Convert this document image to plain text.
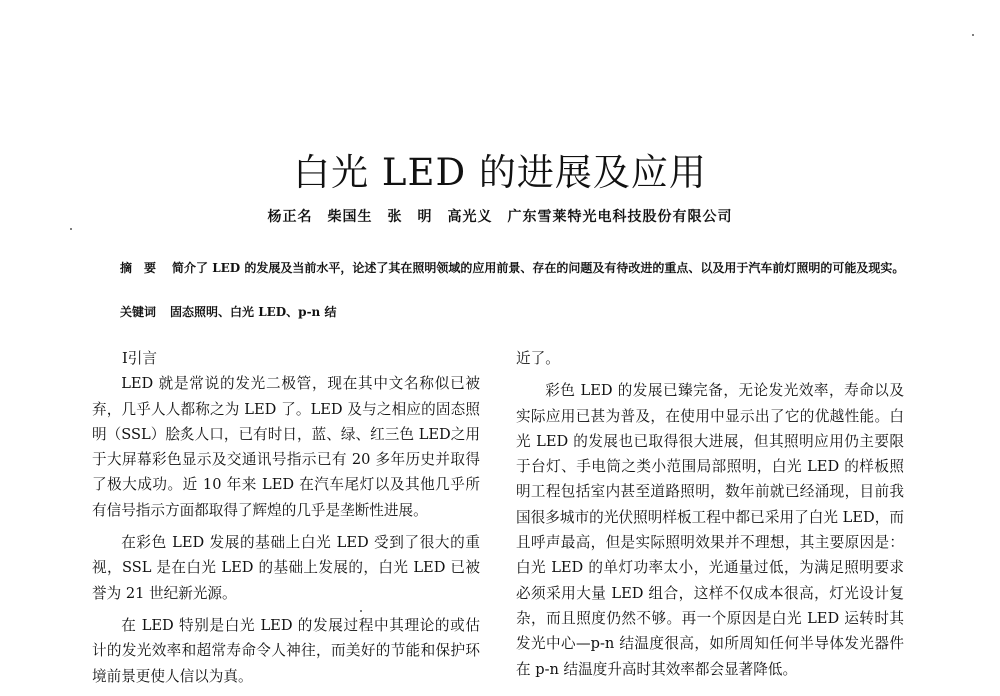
白光 LED 的进展及应用
杨正名　柴国生　张　明　高光义　广东雪莱特光电科技股份有限公司
摘　要 简介了 LED 的发展及当前水平，论述了其在照明领域的应用前景、存在的问题及有待改进的重点、以及用于汽车前灯照明的可能及现实。
关键词 固态照明、白光 LED、p-n 结
Ⅰ引言
LED 就是常说的发光二极管，现在其中文名称似已被弃，几乎人人都称之为 LED 了。LED 及与之相应的固态照明（SSL）脍炙人口，已有时日，蓝、绿、红三色 LED之用于大屏幕彩色显示及交通讯号指示已有 20 多年历史并取得了极大成功。近 10 年来 LED 在汽车尾灯以及其他几乎所有信号指示方面都取得了辉煌的几乎是垄断性进展。
在彩色 LED 发展的基础上白光 LED 受到了很大的重视，SSL 是在白光 LED 的基础上发展的，白光 LED 已被誉为 21 世纪新光源。
在 LED 特别是白光 LED 的发展过程中其理论的或估计的发光效率和超常寿命令人神往，而美好的节能和保护环境前景更使人信以为真。
近了。
彩色 LED 的发展已臻完备，无论发光效率，寿命以及实际应用已甚为普及，在使用中显示出了它的优越性能。白光 LED 的发展也已取得很大进展，但其照明应用仍主要限于台灯、手电筒之类小范围局部照明，白光 LED 的样板照明工程包括室内甚至道路照明，数年前就已经涌现，目前我国很多城市的光伏照明样板工程中都已采用了白光 LED，而且呼声最高，但是实际照明效果并不理想，其主要原因是：白光 LED 的单灯功率太小，光通量过低，为满足照明要求必须采用大量 LED 组合，这样不仅成本很高，灯光设计复杂，而且照度仍然不够。再一个原因是白光 LED 运转时其发光中心—p-n 结温度很高，如所周知任何半导体发光器件在 p-n 结温度升高时其效率都会显著降低。
